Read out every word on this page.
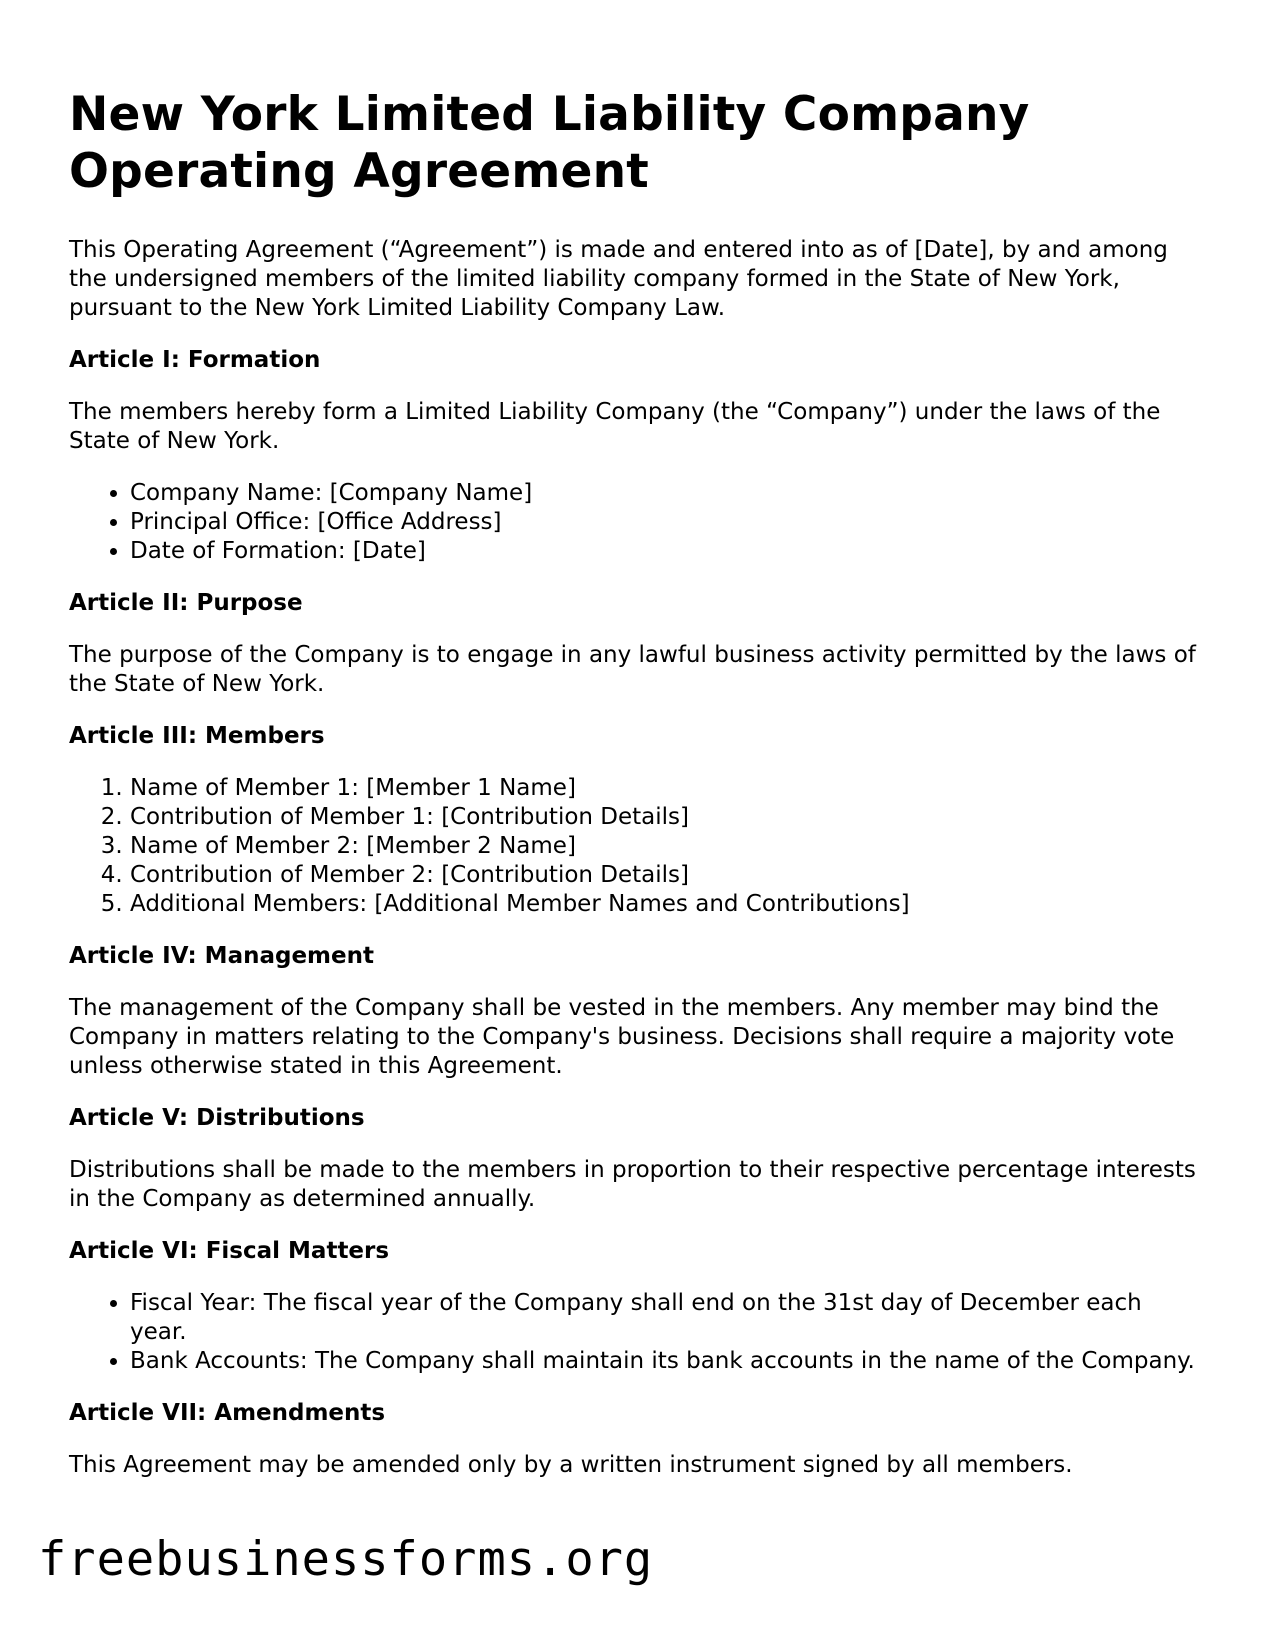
New York Limited Liability Company Operating Agreement

This Operating Agreement (“Agreement”) is made and entered into as of [Date], by and among the undersigned members of the limited liability company formed in the State of New York, pursuant to the New York Limited Liability Company Law.

Article I: Formation

The members hereby form a Limited Liability Company (the “Company”) under the laws of the State of New York.

• Company Name: [Company Name]
• Principal Office: [Office Address]
• Date of Formation: [Date]
Article II: Purpose

The purpose of the Company is to engage in any lawful business activity permitted by the laws of the State of New York.

Article III: Members
1. Name of Member 1: [Member 1 Name]
2. Contribution of Member 1: [Contribution Details]
3. Name of Member 2: [Member 2 Name]
4. Contribution of Member 2: [Contribution Details]
5. Additional Members: [Additional Member Names and Contributions]
Article IV: Management

The management of the Company shall be vested in the members. Any member may bind the Company in matters relating to the Company's business. Decisions shall require a majority vote unless otherwise stated in this Agreement.

Article V: Distributions

Distributions shall be made to the members in proportion to their respective percentage interests in the Company as determined annually.

Article VI: Fiscal Matters
• Fiscal Year: The fiscal year of the Company shall end on the 31st day of December each year.
• Bank Accounts: The Company shall maintain its bank accounts in the name of the Company.
Article VII: Amendments

This Agreement may be amended only by a written instrument signed by all members.

freebusinessforms.org
